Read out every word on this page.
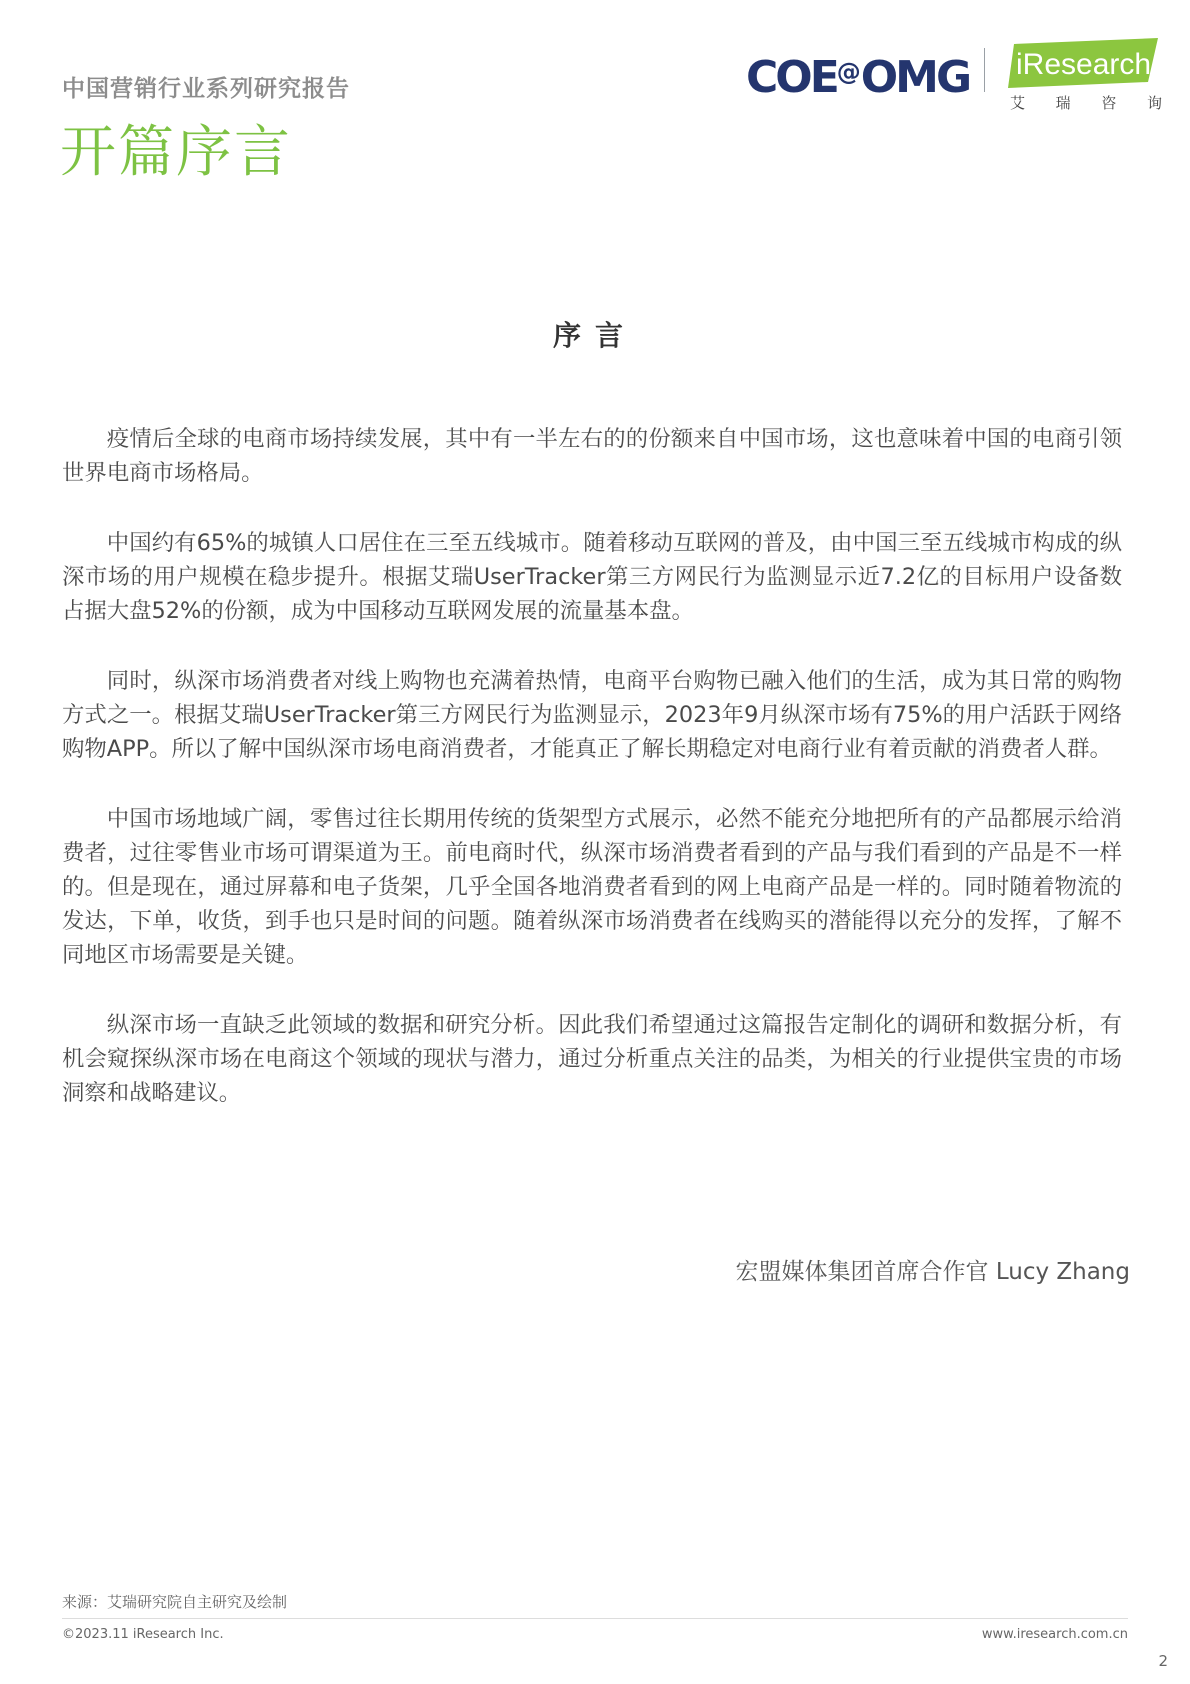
中国营销行业系列研究报告
开篇序言
COE@OMG iResearch
艾 瑞 咨 询
序言

疫情后全球的电商市场持续发展，其中有一半左右的的份额来自中国市场，这也意味着中国的电商引领世界电商市场格局。

中国约有65%的城镇人口居住在三至五线城市。随着移动互联网的普及，由中国三至五线城市构成的纵深市场的用户规模在稳步提升。根据艾瑞UserTracker第三方网民行为监测显示近7.2亿的目标用户设备数占据大盘52%的份额，成为中国移动互联网发展的流量基本盘。

同时，纵深市场消费者对线上购物也充满着热情，电商平台购物已融入他们的生活，成为其日常的购物方式之一。根据艾瑞UserTracker第三方网民行为监测显示，2023年9月纵深市场有75%的用户活跃于网络购物APP。所以了解中国纵深市场电商消费者，才能真正了解长期稳定对电商行业有着贡献的消费者人群。

中国市场地域广阔，零售过往长期用传统的货架型方式展示，必然不能充分地把所有的产品都展示给消费者，过往零售业市场可谓渠道为王。前电商时代，纵深市场消费者看到的产品与我们看到的产品是不一样的。但是现在，通过屏幕和电子货架，几乎全国各地消费者看到的网上电商产品是一样的。同时随着物流的发达，下单，收货，到手也只是时间的问题。随着纵深市场消费者在线购买的潜能得以充分的发挥，了解不同地区市场需要是关键。

纵深市场一直缺乏此领域的数据和研究分析。因此我们希望通过这篇报告定制化的调研和数据分析，有机会窥探纵深市场在电商这个领域的现状与潜力，通过分析重点关注的品类，为相关的行业提供宝贵的市场洞察和战略建议。

宏盟媒体集团首席合作官 Lucy Zhang
来源：艾瑞研究院自主研究及绘制
©2023.11 iResearch Inc.	www.iresearch.com.cn
2
